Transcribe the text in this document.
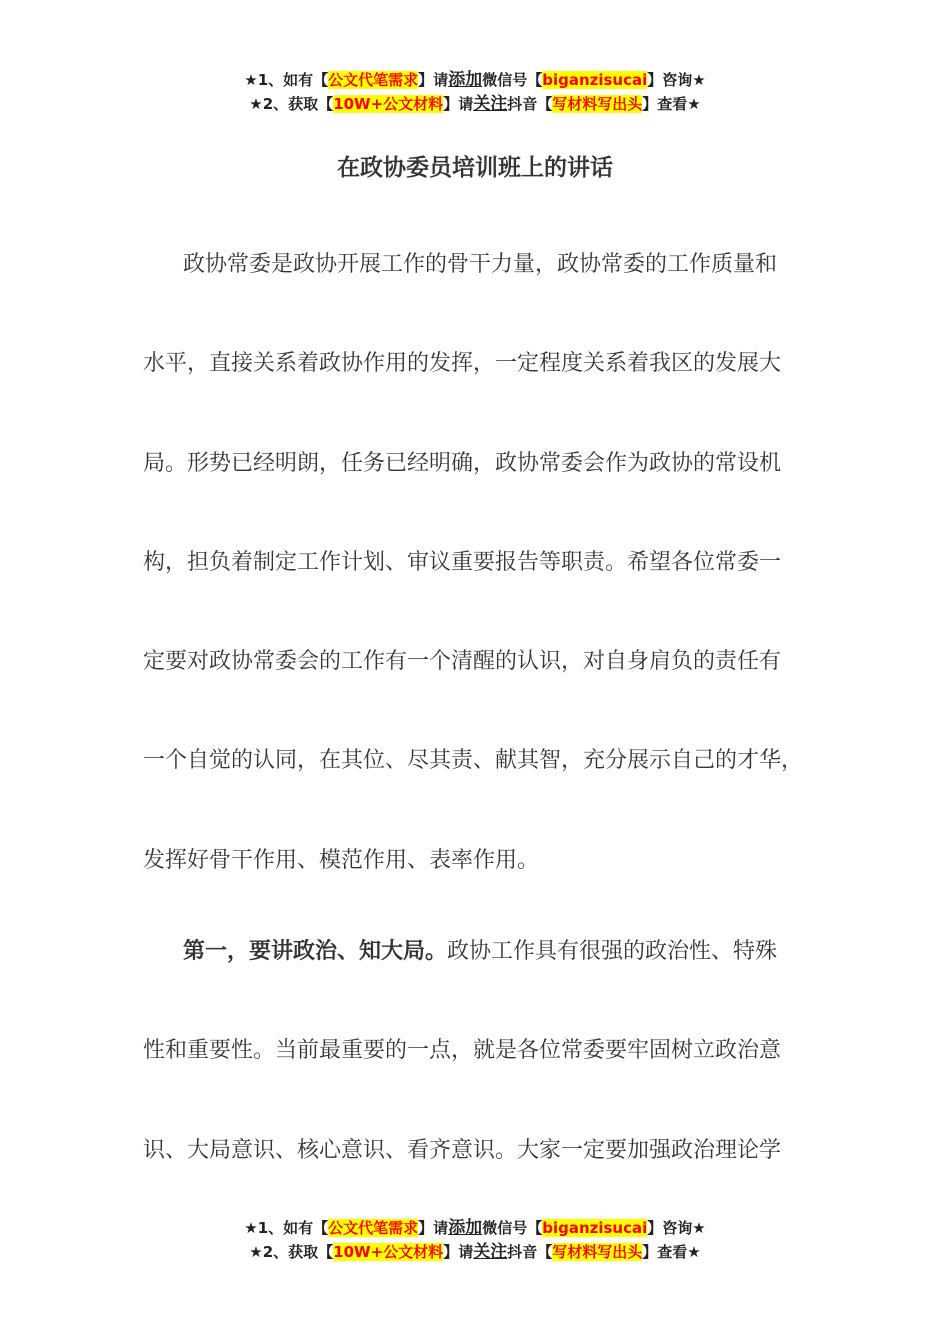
★1、如有【公文代笔需求】请添加微信号【biganzisucai】咨询★
★2、获取【10W+公文材料】请关注抖音【写材料写出头】查看★
在政协委员培训班上的讲话
政协常委是政协开展工作的骨干力量，政协常委的工作质量和
水平，直接关系着政协作用的发挥，一定程度关系着我区的发展大
局。形势已经明朗，任务已经明确，政协常委会作为政协的常设机
构，担负着制定工作计划、审议重要报告等职责。希望各位常委一
定要对政协常委会的工作有一个清醒的认识，对自身肩负的责任有
一个自觉的认同，在其位、尽其责、献其智，充分展示自己的才华，
发挥好骨干作用、模范作用、表率作用。
第一，要讲政治、知大局。政协工作具有很强的政治性、特殊
性和重要性。当前最重要的一点，就是各位常委要牢固树立政治意
识、大局意识、核心意识、看齐意识。大家一定要加强政治理论学
★1、如有【公文代笔需求】请添加微信号【biganzisucai】咨询★
★2、获取【10W+公文材料】请关注抖音【写材料写出头】查看★
